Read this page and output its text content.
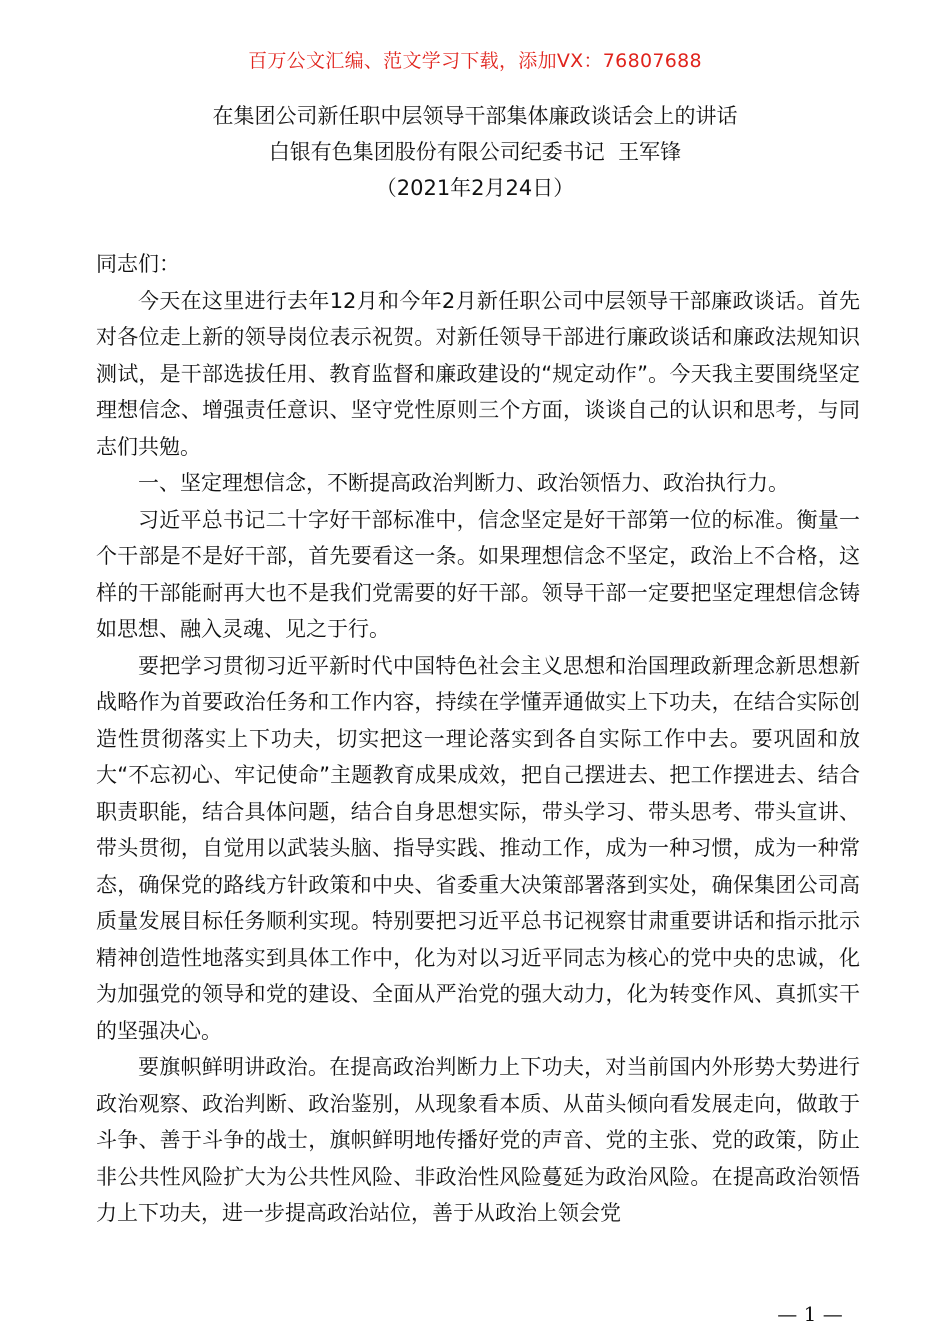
百万公文汇编、范文学习下载，添加VX：76807688
在集团公司新任职中层领导干部集体廉政谈话会上的讲话
白银有色集团股份有限公司纪委书记  王军锋
（2021年2月24日）

同志们：

今天在这里进行去年12月和今年2月新任职公司中层领导干部廉政谈话。首先对各位走上新的领导岗位表示祝贺。对新任领导干部进行廉政谈话和廉政法规知识测试，是干部选拔任用、教育监督和廉政建设的“规定动作”。今天我主要围绕坚定理想信念、增强责任意识、坚守党性原则三个方面，谈谈自己的认识和思考，与同志们共勉。

一、坚定理想信念，不断提高政治判断力、政治领悟力、政治执行力。

习近平总书记二十字好干部标准中，信念坚定是好干部第一位的标准。衡量一个干部是不是好干部，首先要看这一条。如果理想信念不坚定，政治上不合格，这样的干部能耐再大也不是我们党需要的好干部。领导干部一定要把坚定理想信念铸如思想、融入灵魂、见之于行。

要把学习贯彻习近平新时代中国特色社会主义思想和治国理政新理念新思想新战略作为首要政治任务和工作内容，持续在学懂弄通做实上下功夫，在结合实际创造性贯彻落实上下功夫，切实把这一理论落实到各自实际工作中去。要巩固和放大“不忘初心、牢记使命”主题教育成果成效，把自己摆进去、把工作摆进去、结合职责职能，结合具体问题，结合自身思想实际，带头学习、带头思考、带头宣讲、带头贯彻，自觉用以武装头脑、指导实践、推动工作，成为一种习惯，成为一种常态，确保党的路线方针政策和中央、省委重大决策部署落到实处，确保集团公司高质量发展目标任务顺利实现。特别要把习近平总书记视察甘肃重要讲话和指示批示精神创造性地落实到具体工作中，化为对以习近平同志为核心的党中央的忠诚，化为加强党的领导和党的建设、全面从严治党的强大动力，化为转变作风、真抓实干的坚强决心。

要旗帜鲜明讲政治。在提高政治判断力上下功夫，对当前国内外形势大势进行政治观察、政治判断、政治鉴别，从现象看本质、从苗头倾向看发展走向，做敢于斗争、善于斗争的战士，旗帜鲜明地传播好党的声音、党的主张、党的政策，防止非公共性风险扩大为公共性风险、非政治性风险蔓延为政治风险。在提高政治领悟力上下功夫，进一步提高政治站位，善于从政治上领会党

— 1 —
